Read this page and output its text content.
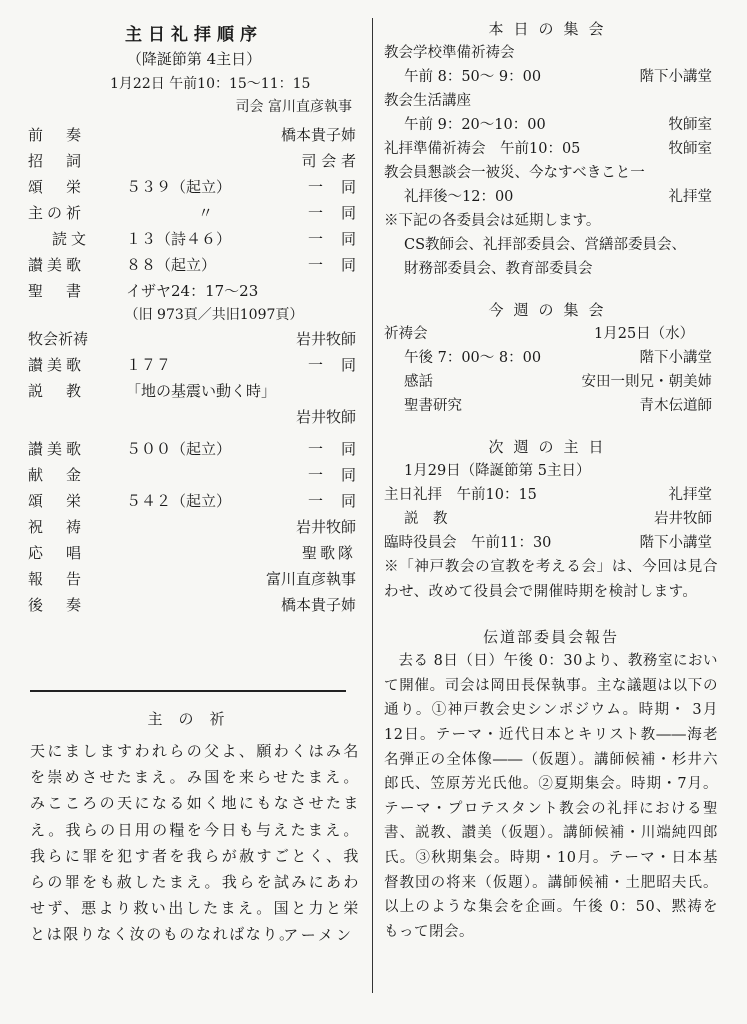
主日礼拝順序
（降誕節第 4主日）
1月22日 午前10：15～11：15
司会 富川直彦執事
前　奏	橋本貴子姉
招　詞	司 会 者
頌　栄	５３９（起立）	一同
主の祈	〃	一同
読文 １３（詩４６）	一同
讃美歌	８８（起立）	一同
聖　書	イザヤ24：17～23
（旧 973頁／共旧1097頁）
牧会祈祷	岩井牧師
讃美歌	１７７	一同
説　教	「地の基震い動く時」
岩井牧師
讃美歌	５００（起立）	一同
献　金	一同
頌　栄	５４２（起立）	一同
祝　祷	岩井牧師
応　唱	聖歌隊
報　告	富川直彦執事
後　奏	橋本貴子姉
主の祈
天にましますわれらの父よ、願わくはみ名を崇めさせたまえ。み国を来らせたまえ。みこころの天になる如く地にもなさせたまえ。我らの日用の糧を今日も与えたまえ。我らに罪を犯す者を我らが赦すごとく、我らの罪をも赦したまえ。我らを試みにあわせず、悪より救い出したまえ。国と力と栄とは限りなく汝のものなればなり。
アーメン
本日の集会
教会学校準備祈祷会
午前 8：50～ 9：00	階下小講堂
教会生活講座
午前 9：20～10：00	牧師室
礼拝準備祈祷会　午前10：05	牧師室
教会員懇談会一被災、今なすべきこと一
礼拝後～12：00	礼拝堂
※下記の各委員会は延期します。
CS教師会、礼拝部委員会、営繕部委員会、
財務部委員会、教育部委員会
今週の集会
祈祷会	1月25日（水）
午後 7：00～ 8：00	階下小講堂
感話	安田一則兄・朝美姉
聖書研究	青木伝道師
次週の主日
1月29日（降誕節第 5主日）
主日礼拝　午前10：15	礼拝堂
説　教	岩井牧師
臨時役員会　午前11：30	階下小講堂
※「神戸教会の宣教を考える会」は、今回は見合わせ、改めて役員会で開催時期を検討します。
伝道部委員会報告
去る 8日（日）午後 0：30より、教務室において開催。司会は岡田長保執事。主な議題は以下の通り。①神戸教会史シンポジウム。時期・ 3月12日。テーマ・近代日本とキリスト教――海老名弾正の全体像――（仮題）。講師候補・杉井六郎氏、笠原芳光氏他。②夏期集会。時期・7月。テーマ・プロテスタント教会の礼拝における聖書、説教、讃美（仮題）。講師候補・川端純四郎氏。③秋期集会。時期・10月。テーマ・日本基督教団の将来（仮題）。講師候補・土肥昭夫氏。以上のような集会を企画。午後 0：50、黙祷をもって閉会。
